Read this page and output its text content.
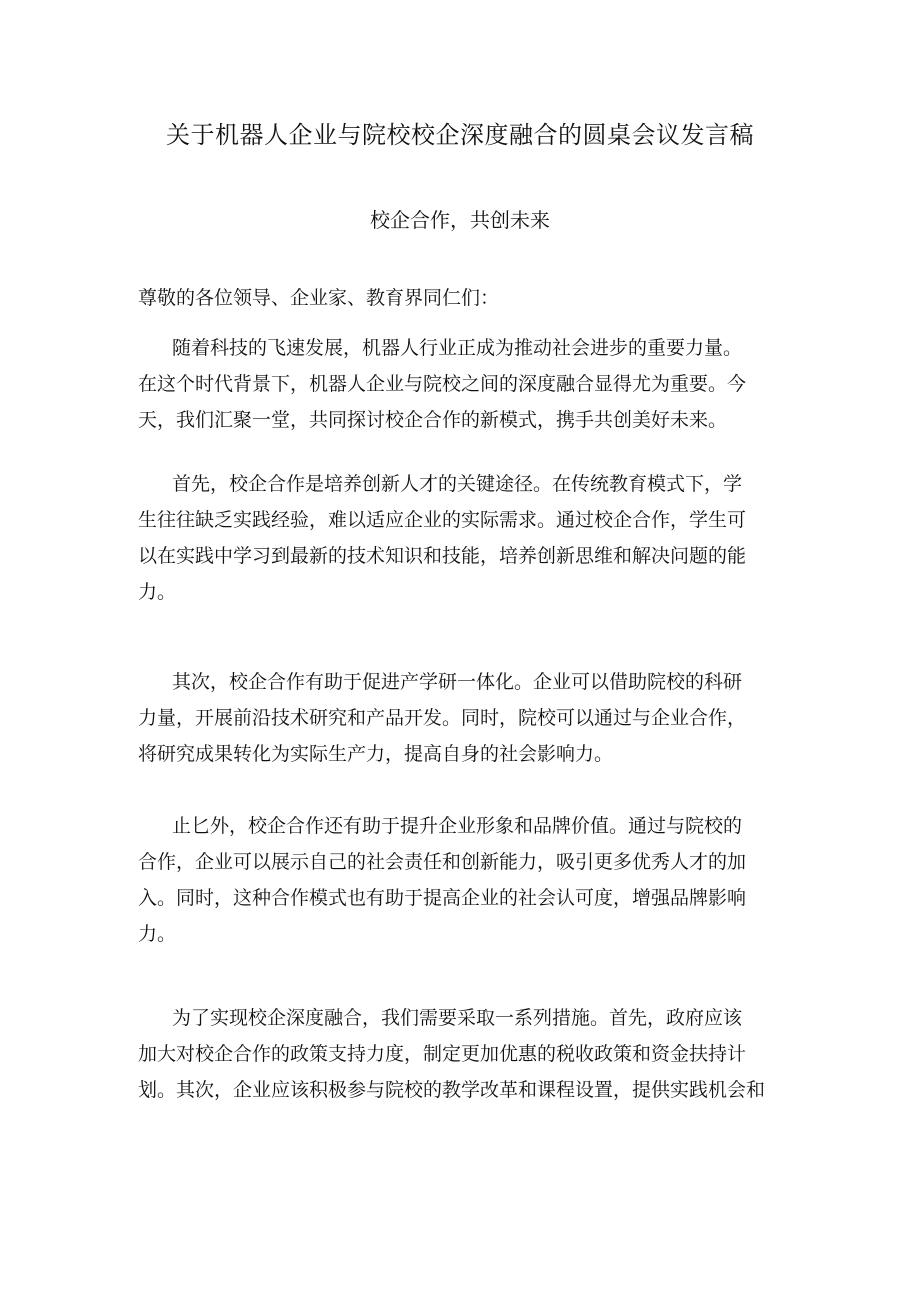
关于机器人企业与院校校企深度融合的圆桌会议发言稿
校企合作，共创未来
尊敬的各位领导、企业家、教育界同仁们：
随着科技的飞速发展，机器人行业正成为推动社会进步的重要力量。
在这个时代背景下，机器人企业与院校之间的深度融合显得尤为重要。今
天，我们汇聚一堂，共同探讨校企合作的新模式，携手共创美好未来。
首先，校企合作是培养创新人才的关键途径。在传统教育模式下，学
生往往缺乏实践经验，难以适应企业的实际需求。通过校企合作，学生可
以在实践中学习到最新的技术知识和技能，培养创新思维和解决问题的能
力。
其次，校企合作有助于促进产学研一体化。企业可以借助院校的科研
力量，开展前沿技术研究和产品开发。同时，院校可以通过与企业合作，
将研究成果转化为实际生产力，提高自身的社会影响力。
止匕外，校企合作还有助于提升企业形象和品牌价值。通过与院校的
合作，企业可以展示自己的社会责任和创新能力，吸引更多优秀人才的加
入。同时，这种合作模式也有助于提高企业的社会认可度，增强品牌影响
力。
为了实现校企深度融合，我们需要采取一系列措施。首先，政府应该
加大对校企合作的政策支持力度，制定更加优惠的税收政策和资金扶持计
划。其次，企业应该积极参与院校的教学改革和课程设置，提供实践机会和
